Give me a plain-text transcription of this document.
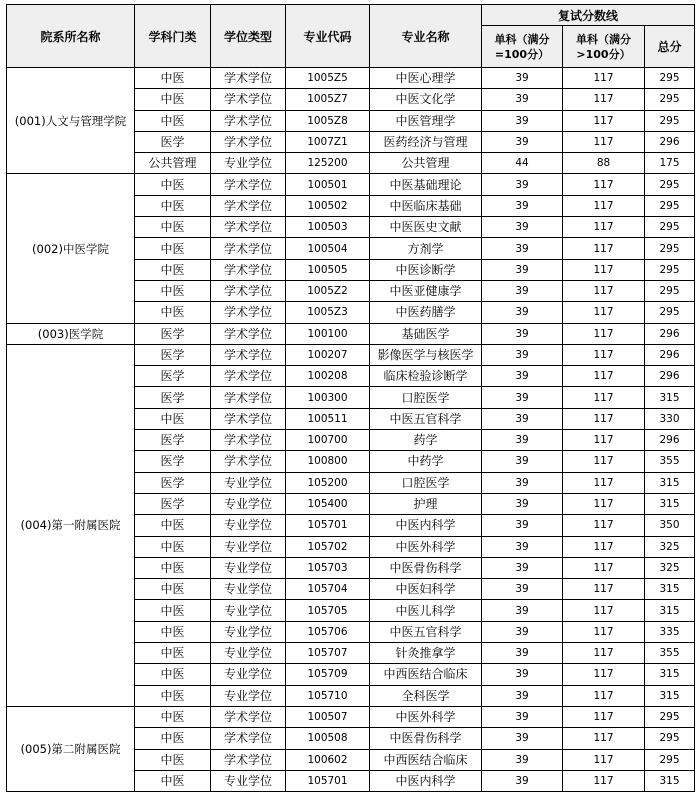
院系所名称	学科门类	学位类型	专业代码	专业名称	复试分数线		
					单科（满分=100分）	单科（满分>100分）	总分
(001)人文与管理学院	中医	学术学位	1005Z5	中医心理学	39	117	295
	中医	学术学位	1005Z7	中医文化学	39	117	295
	中医	学术学位	1005Z8	中医管理学	39	117	295
	医学	学术学位	1007Z1	医药经济与管理	39	117	296
	公共管理	专业学位	125200	公共管理	44	88	175
(002)中医学院	中医	学术学位	100501	中医基础理论	39	117	295
	中医	学术学位	100502	中医临床基础	39	117	295
	中医	学术学位	100503	中医医史文献	39	117	295
	中医	学术学位	100504	方剂学	39	117	295
	中医	学术学位	100505	中医诊断学	39	117	295
	中医	学术学位	1005Z2	中医亚健康学	39	117	295
	中医	学术学位	1005Z3	中医药膳学	39	117	295
(003)医学院	医学	学术学位	100100	基础医学	39	117	296
(004)第一附属医院	医学	学术学位	100207	影像医学与核医学	39	117	296
	医学	学术学位	100208	临床检验诊断学	39	117	296
	医学	学术学位	100300	口腔医学	39	117	315
	中医	学术学位	100511	中医五官科学	39	117	330
	医学	学术学位	100700	药学	39	117	296
	医学	学术学位	100800	中药学	39	117	355
	医学	专业学位	105200	口腔医学	39	117	315
	医学	专业学位	105400	护理	39	117	315
	中医	专业学位	105701	中医内科学	39	117	350
	中医	专业学位	105702	中医外科学	39	117	325
	中医	专业学位	105703	中医骨伤科学	39	117	325
	中医	专业学位	105704	中医妇科学	39	117	315
	中医	专业学位	105705	中医儿科学	39	117	315
	中医	专业学位	105706	中医五官科学	39	117	335
	中医	专业学位	105707	针灸推拿学	39	117	355
	中医	专业学位	105709	中西医结合临床	39	117	315
	中医	专业学位	105710	全科医学	39	117	315
(005)第二附属医院	中医	学术学位	100507	中医外科学	39	117	295
	中医	学术学位	100508	中医骨伤科学	39	117	295
	中医	学术学位	100602	中西医结合临床	39	117	295
	中医	专业学位	105701	中医内科学	39	117	315
